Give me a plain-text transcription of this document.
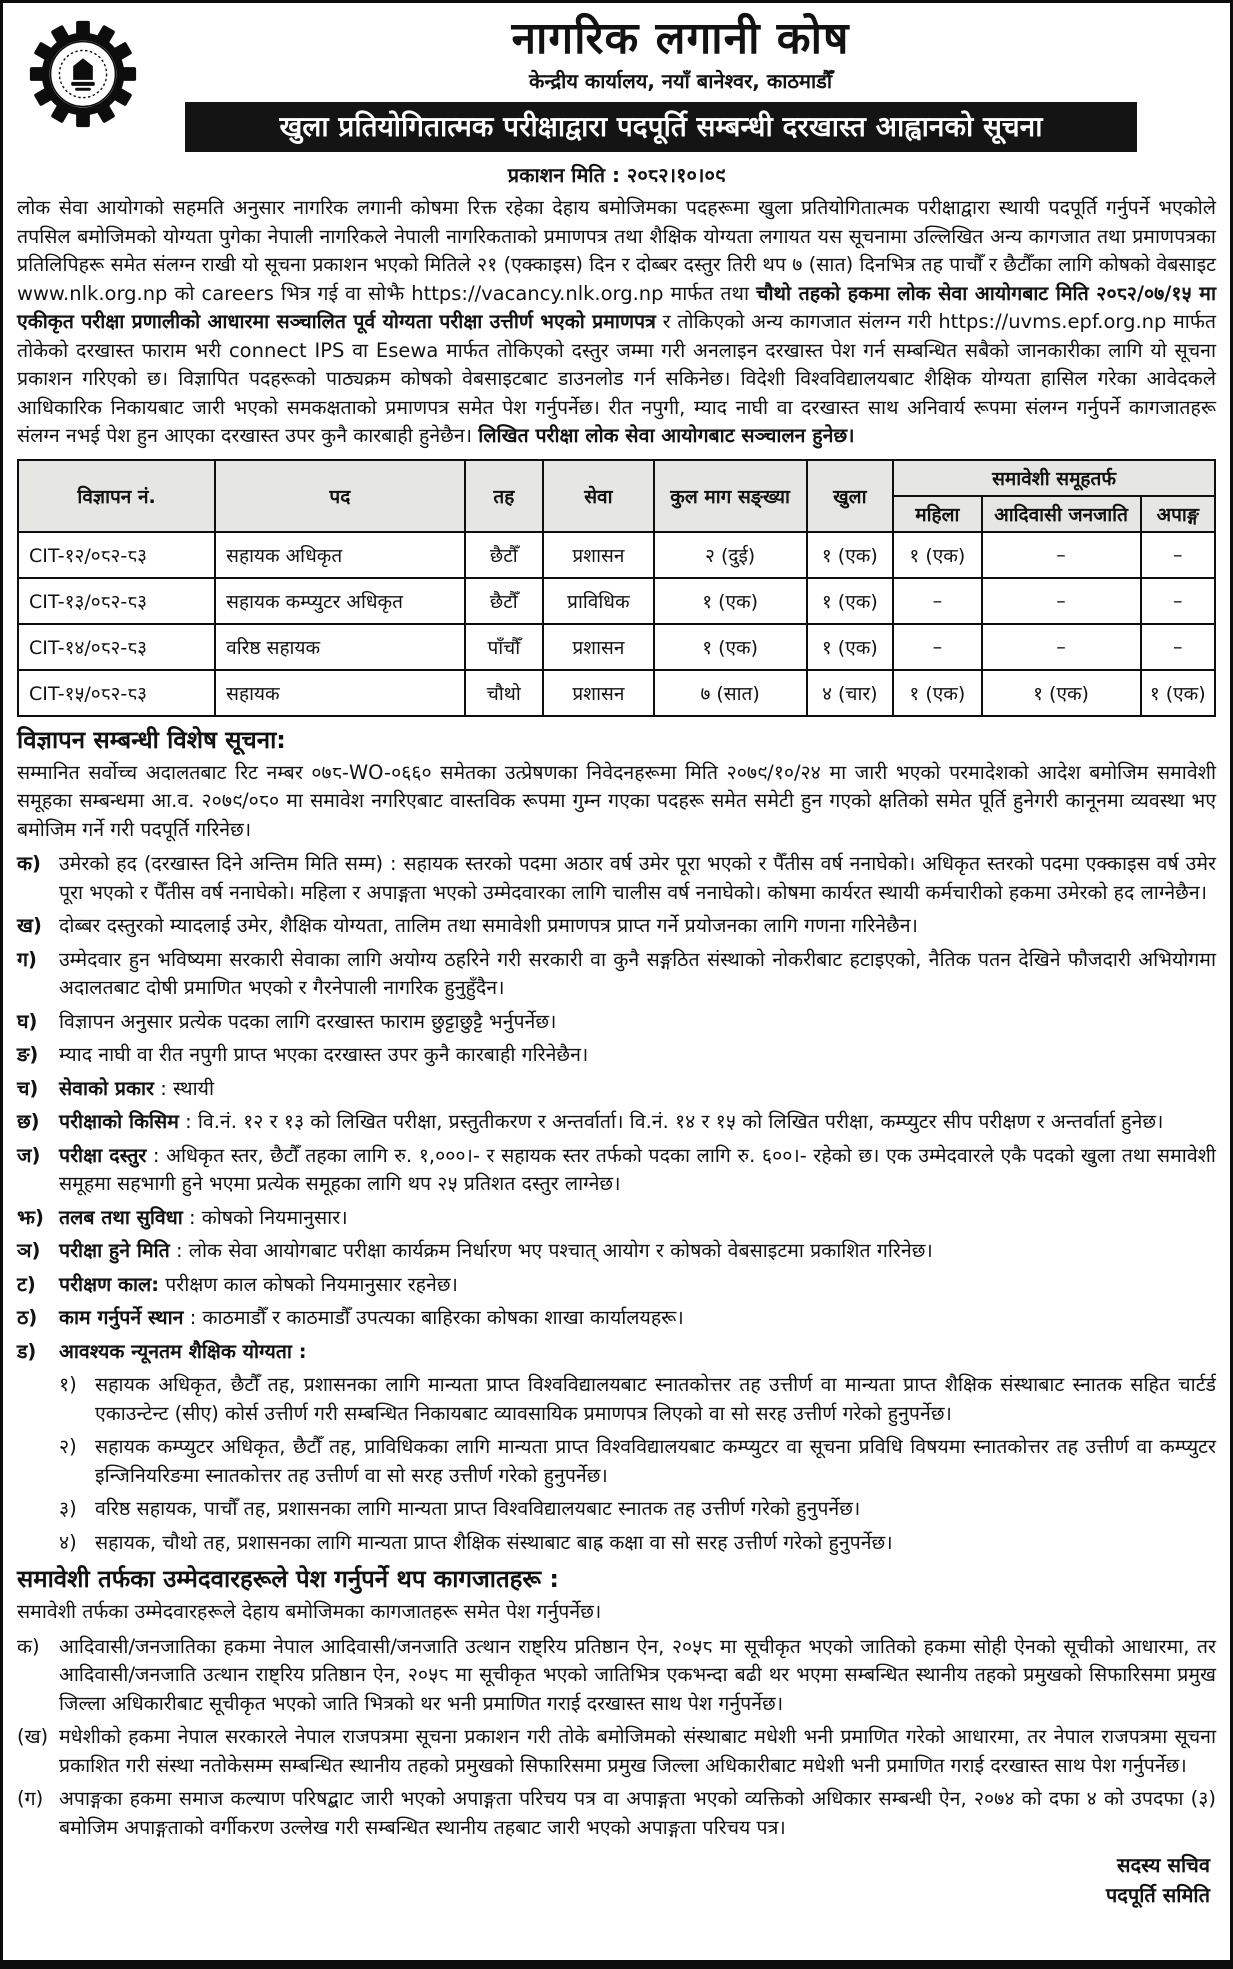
नागरिक लगानी कोष
केन्द्रीय कार्यालय, नयाँ बानेश्वर, काठमाडौँ
खुला प्रतियोगितात्मक परीक्षाद्वारा पदपूर्ति सम्बन्धी दरखास्त आह्वानको सूचना
प्रकाशन मिति : २०८२।१०।०९

लोक सेवा आयोगको सहमति अनुसार नागरिक लगानी कोषमा रिक्त रहेका देहाय बमोजिमका पदहरूमा खुला प्रतियोगितात्मक परीक्षाद्वारा स्थायी पदपूर्ति गर्नुपर्ने भएकोले तपसिल बमोजिमको योग्यता पुगेका नेपाली नागरिकले नेपाली नागरिकताको प्रमाणपत्र तथा शैक्षिक योग्यता लगायत यस सूचनामा उल्लिखित अन्य कागजात तथा प्रमाणपत्रका प्रतिलिपिहरू समेत संलग्न राखी यो सूचना प्रकाशन भएको मितिले २१ (एक्काइस) दिन र दोब्बर दस्तुर तिरी थप ७ (सात) दिनभित्र तह पाचौँ र छैटौँका लागि कोषको वेबसाइट www.nlk.org.np को careers भित्र गई वा सोझै https://vacancy.nlk.org.np मार्फत तथा चौथो तहको हकमा लोक सेवा आयोगबाट मिति २०८२/०७/१५ मा एकीकृत परीक्षा प्रणालीको आधारमा सञ्चालित पूर्व योग्यता परीक्षा उत्तीर्ण भएको प्रमाणपत्र र तोकिएको अन्य कागजात संलग्न गरी https://uvms.epf.org.np मार्फत तोकेको दरखास्त फाराम भरी connect IPS वा Esewa मार्फत तोकिएको दस्तुर जम्मा गरी अनलाइन दरखास्त पेश गर्न सम्बन्धित सबैको जानकारीका लागि यो सूचना प्रकाशन गरिएको छ। विज्ञापित पदहरूको पाठ्यक्रम कोषको वेबसाइटबाट डाउनलोड गर्न सकिनेछ। विदेशी विश्वविद्यालयबाट शैक्षिक योग्यता हासिल गरेका आवेदकले आधिकारिक निकायबाट जारी भएको समकक्षताको प्रमाणपत्र समेत पेश गर्नुपर्नेछ। रीत नपुगी, म्याद नाघी वा दरखास्त साथ अनिवार्य रूपमा संलग्न गर्नुपर्ने कागजातहरू संलग्न नभई पेश हुन आएका दरखास्त उपर कुनै कारबाही हुनेछैन। लिखित परीक्षा लोक सेवा आयोगबाट सञ्चालन हुनेछ।

विज्ञापन नं.	पद	तह	सेवा	कुल माग सङ्ख्या	खुला	समावेशी समूहतर्फ		
						महिला	आदिवासी जनजाति	अपाङ्ग
CIT-१२/०८२-८३	सहायक अधिकृत	छैटौँ	प्रशासन	२ (दुई)	१ (एक)	१ (एक)	–	–
CIT-१३/०८२-८३	सहायक कम्प्युटर अधिकृत	छैटौँ	प्राविधिक	१ (एक)	१ (एक)	–	–	–
CIT-१४/०८२-८३	वरिष्ठ सहायक	पाँचौँ	प्रशासन	१ (एक)	१ (एक)	–	–	–
CIT-१५/०८२-८३	सहायक	चौथो	प्रशासन	७ (सात)	४ (चार)	१ (एक)	१ (एक)	१ (एक)
विज्ञापन सम्बन्धी विशेष सूचना:

सम्मानित सर्वोच्च अदालतबाट रिट नम्बर ०७८-WO-०६६० समेतका उत्प्रेषणका निवेदनहरूमा मिति २०७९/१०/२४ मा जारी भएको परमादेशको आदेश बमोजिम समावेशी समूहका सम्बन्धमा आ.व. २०७९/०८० मा समावेश नगरिएबाट वास्तविक रूपमा गुम्न गएका पदहरू समेत समेटी हुन गएको क्षतिको समेत पूर्ति हुनेगरी कानूनमा व्यवस्था भए बमोजिम गर्ने गरी पदपूर्ति गरिनेछ।

क) उमेरको हद (दरखास्त दिने अन्तिम मिति सम्म) : सहायक स्तरको पदमा अठार वर्ष उमेर पूरा भएको र पैँतीस वर्ष ननाघेको। अधिकृत स्तरको पदमा एक्काइस वर्ष उमेर पूरा भएको र पैँतीस वर्ष ननाघेको। महिला र अपाङ्गता भएको उम्मेदवारका लागि चालीस वर्ष ननाघेको। कोषमा कार्यरत स्थायी कर्मचारीको हकमा उमेरको हद लाग्नेछैन।
ख) दोब्बर दस्तुरको म्यादलाई उमेर, शैक्षिक योग्यता, तालिम तथा समावेशी प्रमाणपत्र प्राप्त गर्ने प्रयोजनका लागि गणना गरिनेछैन।
ग)	उम्मेदवार हुन भविष्यमा सरकारी सेवाका लागि अयोग्य ठहरिने गरी सरकारी वा कुनै सङ्गठित संस्थाको नोकरीबाट हटाइएको, नैतिक पतन देखिने फौजदारी अभियोगमा अदालतबाट दोषी प्रमाणित भएको र गैरनेपाली नागरिक हुनुहुँदैन।
घ)	विज्ञापन अनुसार प्रत्येक पदका लागि दरखास्त फाराम छुट्टाछुट्टै भर्नुपर्नेछ।
ङ)	म्याद नाघी वा रीत नपुगी प्राप्त भएका दरखास्त उपर कुनै कारबाही गरिनेछैन।
च)	सेवाको प्रकार : स्थायी
छ) परीक्षाको किसिम : वि.नं. १२ र १३ को लिखित परीक्षा, प्रस्तुतीकरण र अन्तर्वार्ता। वि.नं. १४ र १५ को लिखित परीक्षा, कम्प्युटर सीप परीक्षण र अन्तर्वार्ता हुनेछ।
ज) परीक्षा दस्तुर : अधिकृत स्तर, छैटौँ तहका लागि रु. १,०००।- र सहायक स्तर तर्फको पदका लागि रु. ६००।- रहेको छ। एक उम्मेदवारले एकै पदको खुला तथा समावेशी समूहमा सहभागी हुने भएमा प्रत्येक समूहका लागि थप २५ प्रतिशत दस्तुर लाग्नेछ।
झ) तलब तथा सुविधा : कोषको नियमानुसार।
ञ) परीक्षा हुने मिति : लोक सेवा आयोगबाट परीक्षा कार्यक्रम निर्धारण भए पश्चात् आयोग र कोषको वेबसाइटमा प्रकाशित गरिनेछ।
ट)	परीक्षण काल: परीक्षण काल कोषको नियमानुसार रहनेछ।
ठ)	काम गर्नुपर्ने स्थान : काठमाडौँ र काठमाडौँ उपत्यका बाहिरका कोषका शाखा कार्यालयहरू।
ड)	आवश्यक न्यूनतम शैक्षिक योग्यता :
१) सहायक अधिकृत, छैटौँ तह, प्रशासनका लागि मान्यता प्राप्त विश्वविद्यालयबाट स्नातकोत्तर तह उत्तीर्ण वा मान्यता प्राप्त शैक्षिक संस्थाबाट स्नातक सहित चार्टर्ड एकाउन्टेन्ट (सीए) कोर्स उत्तीर्ण गरी सम्बन्धित निकायबाट व्यावसायिक प्रमाणपत्र लिएको वा सो सरह उत्तीर्ण गरेको हुनुपर्नेछ।
२) सहायक कम्प्युटर अधिकृत, छैटौँ तह, प्राविधिकका लागि मान्यता प्राप्त विश्वविद्यालयबाट कम्प्युटर वा सूचना प्रविधि विषयमा स्नातकोत्तर तह उत्तीर्ण वा कम्प्युटर इन्जिनियरिङमा स्नातकोत्तर तह उत्तीर्ण वा सो सरह उत्तीर्ण गरेको हुनुपर्नेछ।
३) वरिष्ठ सहायक, पाचौँ तह, प्रशासनका लागि मान्यता प्राप्त विश्वविद्यालयबाट स्नातक तह उत्तीर्ण गरेको हुनुपर्नेछ।
४) सहायक, चौथो तह, प्रशासनका लागि मान्यता प्राप्त शैक्षिक संस्थाबाट बाह्र कक्षा वा सो सरह उत्तीर्ण गरेको हुनुपर्नेछ।
समावेशी तर्फका उम्मेदवारहरूले पेश गर्नुपर्ने थप कागजातहरू :

समावेशी तर्फका उम्मेदवारहरूले देहाय बमोजिमका कागजातहरू समेत पेश गर्नुपर्नेछ।

क) आदिवासी/जनजातिका हकमा नेपाल आदिवासी/जनजाति उत्थान राष्ट्रिय प्रतिष्ठान ऐन, २०५८ मा सूचीकृत भएको जातिको हकमा सोही ऐनको सूचीको आधारमा, तर आदिवासी/जनजाति उत्थान राष्ट्रिय प्रतिष्ठान ऐन, २०५८ मा सूचीकृत भएको जातिभित्र एकभन्दा बढी थर भएमा सम्बन्धित स्थानीय तहको प्रमुखको सिफारिसमा प्रमुख जिल्ला अधिकारीबाट सूचीकृत भएको जाति भित्रको थर भनी प्रमाणित गराई दरखास्त साथ पेश गर्नुपर्नेछ।
(ख) मधेशीको हकमा नेपाल सरकारले नेपाल राजपत्रमा सूचना प्रकाशन गरी तोके बमोजिमको संस्थाबाट मधेशी भनी प्रमाणित गरेको आधारमा, तर नेपाल राजपत्रमा सूचना प्रकाशित गरी संस्था नतोकेसम्म सम्बन्धित स्थानीय तहको प्रमुखको सिफारिसमा प्रमुख जिल्ला अधिकारीबाट मधेशी भनी प्रमाणित गराई दरखास्त साथ पेश गर्नुपर्नेछ।
(ग) अपाङ्गका हकमा समाज कल्याण परिषद्बाट जारी भएको अपाङ्गता परिचय पत्र वा अपाङ्गता भएको व्यक्तिको अधिकार सम्बन्धी ऐन, २०७४ को दफा ४ को उपदफा (३) बमोजिम अपाङ्गताको वर्गीकरण उल्लेख गरी सम्बन्धित स्थानीय तहबाट जारी भएको अपाङ्गता परिचय पत्र।
सदस्य सचिव
पदपूर्ति समिति
